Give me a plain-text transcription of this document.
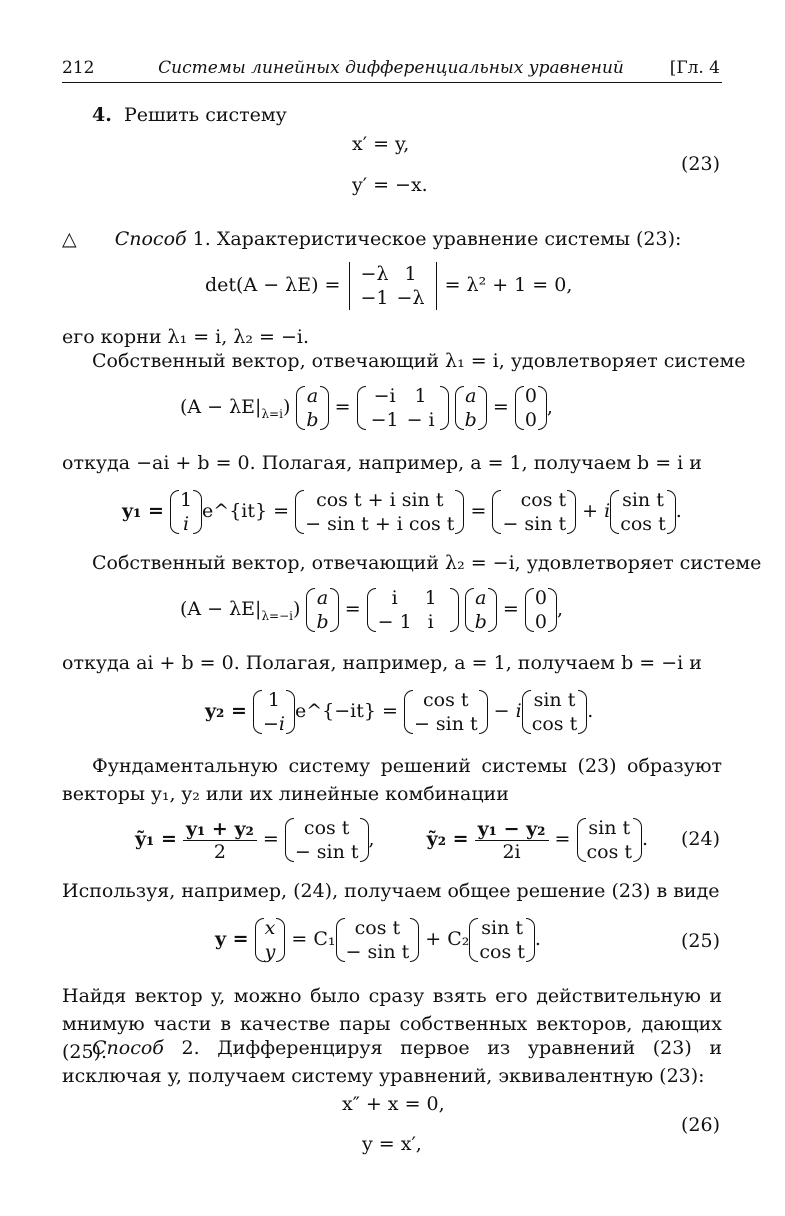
212	Системы линейных дифференциальных уравнений	[Гл. 4
4. Решить систему
x′ = y,
y′ = −x.
(23)
△ Способ 1. Характеристическое уравнение системы (23):
det(A − λE) = −λ 1
−1 −λ
= λ² + 1 = 0,
его корни λ₁ = i, λ₂ = −i.
Собственный вектор, отвечающий λ₁ = i, удовлетворяет системе
$(A - \lambda E|_{\lambda=i})$ a
b
= −i 1
−1 − i

a
b
= 0
0
,
откуда −ai + b = 0. Полагая, например, a = 1, получаем b = i и
y₁ = 1
i
e^{it} =	cos t + i sin t
− sin t + i cos t
=	cos t
− sin t
+ i sin t
cos t
.
Собственный вектор, отвечающий λ₂ = −i, удовлетворяет системе
$(A - \lambda E|_{\lambda=-i})$ a
b
=	i 1
− 1 i

a
b
= 0
0
,
откуда ai + b = 0. Полагая, например, a = 1, получаем b = −i и
y₂ = 1
−i
e^{−it} =	cos t
− sin t
− i sin t
cos t
.
Фундаментальную систему решений системы (23) образуют векторы y₁, y₂ или их линейные комбинации
ỹ₁ = $\frac{\text{y₁ + y₂}}{2}$ =	cos t
− sin t
,  ỹ₂ = $\frac{\text{y₁ − y₂}}{2i} = \sin t$
cos t
. (24)
Используя, например, (24), получаем общее решение (23) в виде
y = x
y
= C₁	cos t
− sin t
+ C₂ sin t
cos t
.	(25)
Найдя вектор y, можно было сразу взять его действительную и мнимую части в качестве пары собственных векторов, дающих (25).
Способ 2. Дифференцируя первое из уравнений (23) и исключая y, получаем систему уравнений, эквивалентную (23):
x″ + x = 0,
y = x′,
(26)
